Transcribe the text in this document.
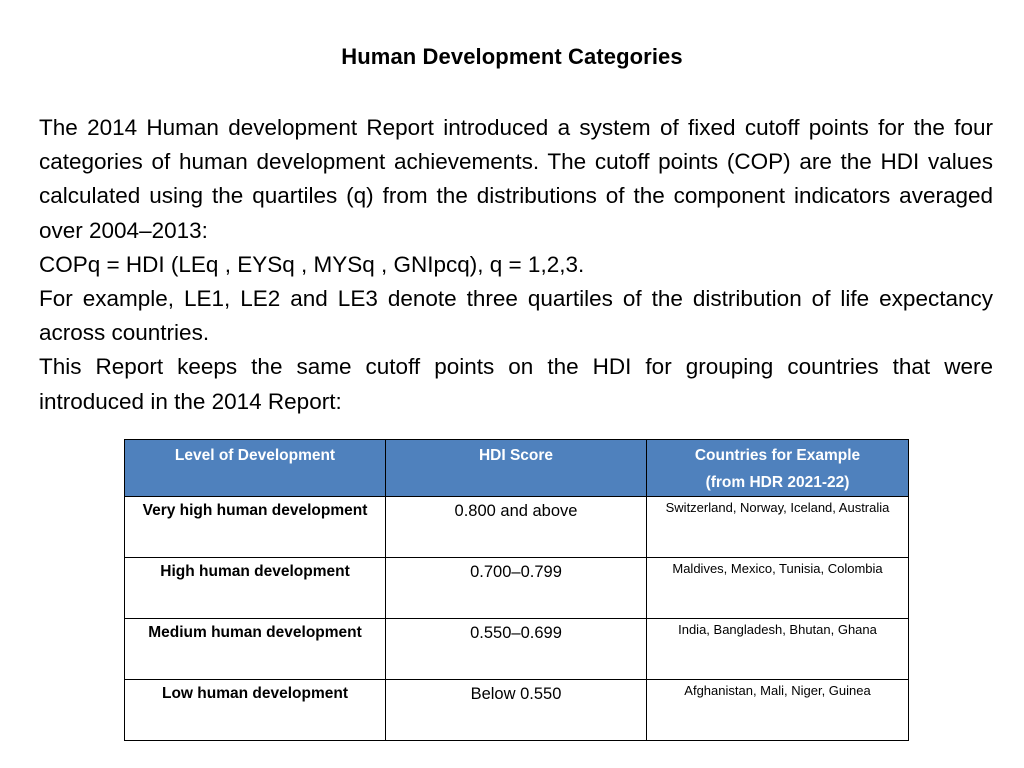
Human Development Categories

The 2014 Human development Report introduced a system of fixed cutoff points for the four categories of human development achievements. The cutoff points (COP) are the HDI values calculated using the quartiles (q) from the distributions of the component indicators averaged over 2004–2013:

COPq = HDI (LEq , EYSq , MYSq , GNIpcq), q = 1,2,3.

For example, LE1, LE2 and LE3 denote three quartiles of the distribution of life expectancy across countries.

This Report keeps the same cutoff points on the HDI for grouping countries that were introduced in the 2014 Report:

Level of Development	HDI Score	Countries for Example
(from HDR 2021-22)
Very high human development	0.800 and above	Switzerland, Norway, Iceland, Australia
High human development	0.700–0.799	Maldives, Mexico, Tunisia, Colombia
Medium human development	0.550–0.699	India, Bangladesh, Bhutan, Ghana
Low human development	Below 0.550	Afghanistan, Mali, Niger, Guinea
